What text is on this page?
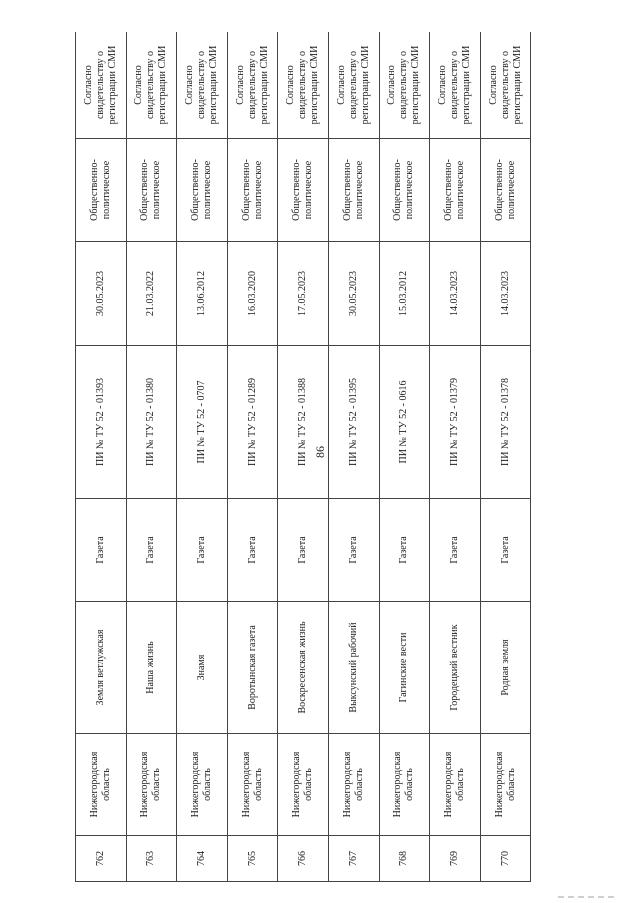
86
762	Нижегородская область	Земля ветлужская	Газета	ПИ № ТУ 52 - 01393	30.05.2023	Общественно-политическое	Согласно свидетельству о регистрации СМИ
763	Нижегородская область	Наша жизнь	Газета	ПИ № ТУ 52 - 01380	21.03.2022	Общественно-политическое	Согласно свидетельству о регистрации СМИ
764	Нижегородская область	Знамя	Газета	ПИ № ТУ 52 - 0707	13.06.2012	Общественно-политическое	Согласно свидетельству о регистрации СМИ
765	Нижегородская область	Воротынская газета	Газета	ПИ № ТУ 52 - 01289	16.03.2020	Общественно-политическое	Согласно свидетельству о регистрации СМИ
766	Нижегородская область	Воскресенская жизнь	Газета	ПИ № ТУ 52 - 01388	17.05.2023	Общественно-политическое	Согласно свидетельству о регистрации СМИ
767	Нижегородская область	Выксунский рабочий	Газета	ПИ № ТУ 52 - 01395	30.05.2023	Общественно-политическое	Согласно свидетельству о регистрации СМИ
768	Нижегородская область	Гагинские вести	Газета	ПИ № ТУ 52 - 0616	15.03.2012	Общественно-политическое	Согласно свидетельству о регистрации СМИ
769	Нижегородская область	Городецкий вестник	Газета	ПИ № ТУ 52 - 01379	14.03.2023	Общественно-политическое	Согласно свидетельству о регистрации СМИ
770	Нижегородская область	Родная земля	Газета	ПИ № ТУ 52 - 01378	14.03.2023	Общественно-политическое	Согласно свидетельству о регистрации СМИ
